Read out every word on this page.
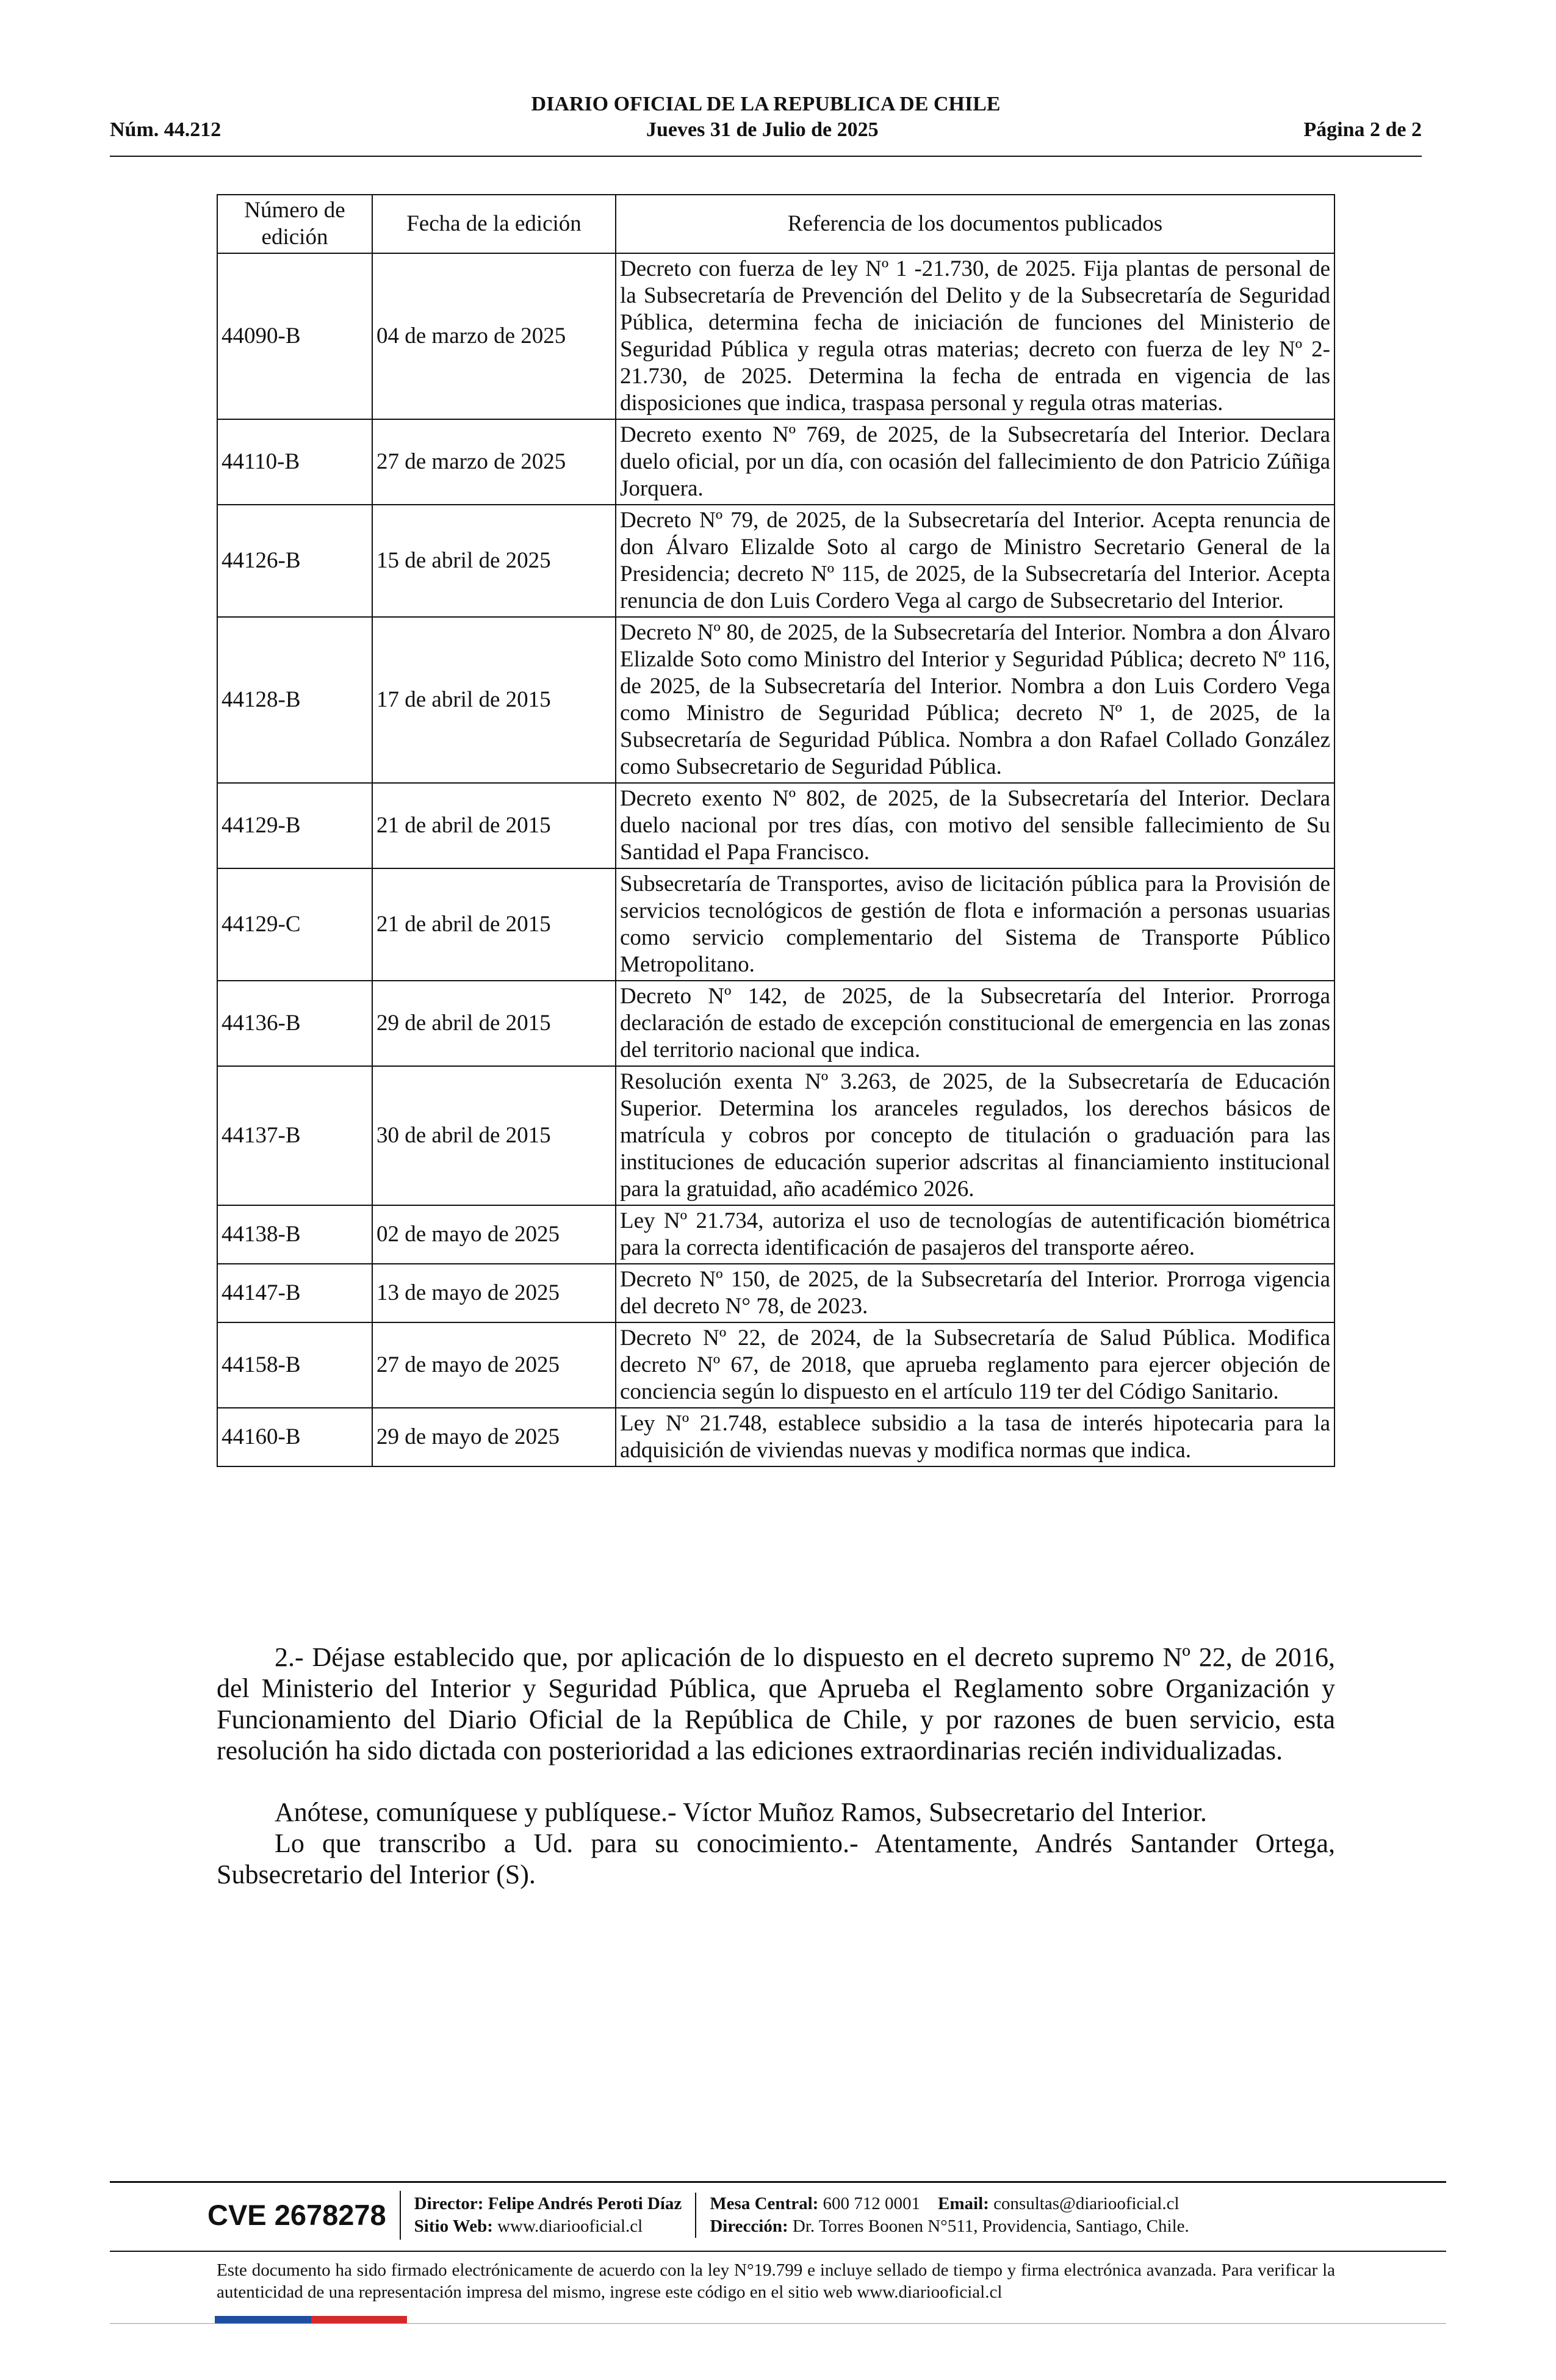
DIARIO OFICIAL DE LA REPUBLICA DE CHILE
Núm. 44.212	Jueves 31 de Julio de 2025	Página 2 de 2
Número de edición	Fecha de la edición	Referencia de los documentos publicados
44090-B	04 de marzo de 2025	Decreto con fuerza de ley Nº 1 -21.730, de 2025. Fija plantas de personal de la Subsecretaría de Prevención del Delito y de la Subsecretaría de Seguridad Pública, determina fecha de iniciación de funciones del Ministerio de Seguridad Pública y regula otras materias; decreto con fuerza de ley Nº 2-21.730, de 2025. Determina la fecha de entrada en vigencia de las disposiciones que indica, traspasa personal y regula otras materias.
44110-B	27 de marzo de 2025	Decreto exento Nº 769, de 2025, de la Subsecretaría del Interior. Declara duelo oficial, por un día, con ocasión del fallecimiento de don Patricio Zúñiga Jorquera.
44126-B	15 de abril de 2025	Decreto Nº 79, de 2025, de la Subsecretaría del Interior. Acepta renuncia de don Álvaro Elizalde Soto al cargo de Ministro Secretario General de la Presidencia; decreto Nº 115, de 2025, de la Subsecretaría del Interior. Acepta renuncia de don Luis Cordero Vega al cargo de Subsecretario del Interior.
44128-B	17 de abril de 2015	Decreto Nº 80, de 2025, de la Subsecretaría del Interior. Nombra a don Álvaro Elizalde Soto como Ministro del Interior y Seguridad Pública; decreto Nº 116, de 2025, de la Subsecretaría del Interior. Nombra a don Luis Cordero Vega como Ministro de Seguridad Pública; decreto Nº 1, de 2025, de la Subsecretaría de Seguridad Pública. Nombra a don Rafael Collado González como Subsecretario de Seguridad Pública.
44129-B	21 de abril de 2015	Decreto exento Nº 802, de 2025, de la Subsecretaría del Interior. Declara duelo nacional por tres días, con motivo del sensible fallecimiento de Su Santidad el Papa Francisco.
44129-C	21 de abril de 2015	Subsecretaría de Transportes, aviso de licitación pública para la Provisión de servicios tecnológicos de gestión de flota e información a personas usuarias como servicio complementario del Sistema de Transporte Público Metropolitano.
44136-B	29 de abril de 2015	Decreto Nº 142, de 2025, de la Subsecretaría del Interior. Prorroga declaración de estado de excepción constitucional de emergencia en las zonas del territorio nacional que indica.
44137-B	30 de abril de 2015	Resolución exenta Nº 3.263, de 2025, de la Subsecretaría de Educación Superior. Determina los aranceles regulados, los derechos básicos de matrícula y cobros por concepto de titulación o graduación para las instituciones de educación superior adscritas al financiamiento institucional para la gratuidad, año académico 2026.
44138-B	02 de mayo de 2025	Ley Nº 21.734, autoriza el uso de tecnologías de autentificación biométrica para la correcta identificación de pasajeros del transporte aéreo.
44147-B	13 de mayo de 2025	Decreto Nº 150, de 2025, de la Subsecretaría del Interior. Prorroga vigencia del decreto N° 78, de 2023.
44158-B	27 de mayo de 2025	Decreto Nº 22, de 2024, de la Subsecretaría de Salud Pública. Modifica decreto Nº 67, de 2018, que aprueba reglamento para ejercer objeción de conciencia según lo dispuesto en el artículo 119 ter del Código Sanitario.
44160-B	29 de mayo de 2025	Ley Nº 21.748, establece subsidio a la tasa de interés hipotecaria para la adquisición de viviendas nuevas y modifica normas que indica.

2.- Déjase establecido que, por aplicación de lo dispuesto en el decreto supremo Nº 22, de 2016, del Ministerio del Interior y Seguridad Pública, que Aprueba el Reglamento sobre Organización y Funcionamiento del Diario Oficial de la República de Chile, y por razones de buen servicio, esta resolución ha sido dictada con posterioridad a las ediciones extraordinarias recién individualizadas.

Anótese, comuníquese y publíquese.- Víctor Muñoz Ramos, Subsecretario del Interior.

Lo que transcribo a Ud. para su conocimiento.- Atentamente, Andrés Santander Ortega, Subsecretario del Interior (S).

CVE 2678278	Director: Felipe Andrés Peroti Díaz
Sitio Web: www.diariooficial.cl
Mesa Central: 600 712 0001 Email: consultas@diariooficial.cl
Dirección: Dr. Torres Boonen N°511, Providencia, Santiago, Chile.
Este documento ha sido firmado electrónicamente de acuerdo con la ley N°19.799 e incluye sellado de tiempo y firma electrónica avanzada. Para verificar la autenticidad de una representación impresa del mismo, ingrese este código en el sitio web www.diariooficial.cl
